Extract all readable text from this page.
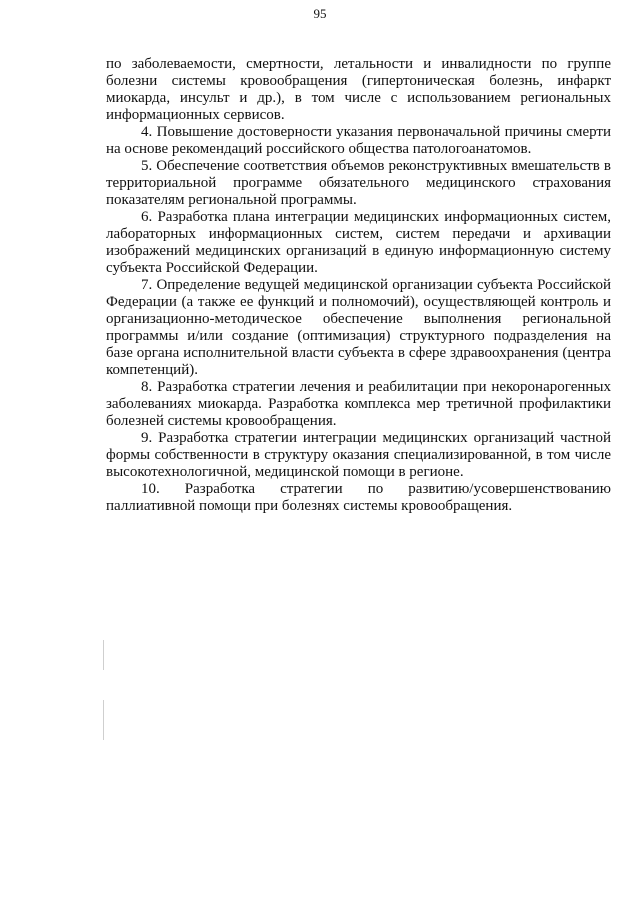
95

по заболеваемости, смертности, летальности и инвалидности по группе болезни системы кровообращения (гипертоническая болезнь, инфаркт миокарда, инсульт и др.), в том числе с использованием региональных информационных сервисов.

4. Повышение достоверности указания первоначальной причины смерти на основе рекомендаций российского общества патологоанатомов.

5. Обеспечение соответствия объемов реконструктивных вмешательств в территориальной программе обязательного медицинского страхования показателям региональной программы.

6. Разработка плана интеграции медицинских информационных систем, лабораторных информационных систем, систем передачи и архивации изображений медицинских организаций в единую информационную систему субъекта Российской Федерации.

7. Определение ведущей медицинской организации субъекта Российской Федерации (а также ее функций и полномочий), осуществляющей контроль и организационно-методическое обеспечение выполнения региональной программы и/или создание (оптимизация) структурного подразделения на базе органа исполнительной власти субъекта в сфере здравоохранения (центра компетенций).

8. Разработка стратегии лечения и реабилитации при некоронарогенных заболеваниях миокарда. Разработка комплекса мер третичной профилактики болезней системы кровообращения.

9. Разработка стратегии интеграции медицинских организаций частной формы собственности в структуру оказания специализированной, в том числе высокотехнологичной, медицинской помощи в регионе.

10. Разработка стратегии по развитию/усовершенствованию паллиативной помощи при болезнях системы кровообращения.
